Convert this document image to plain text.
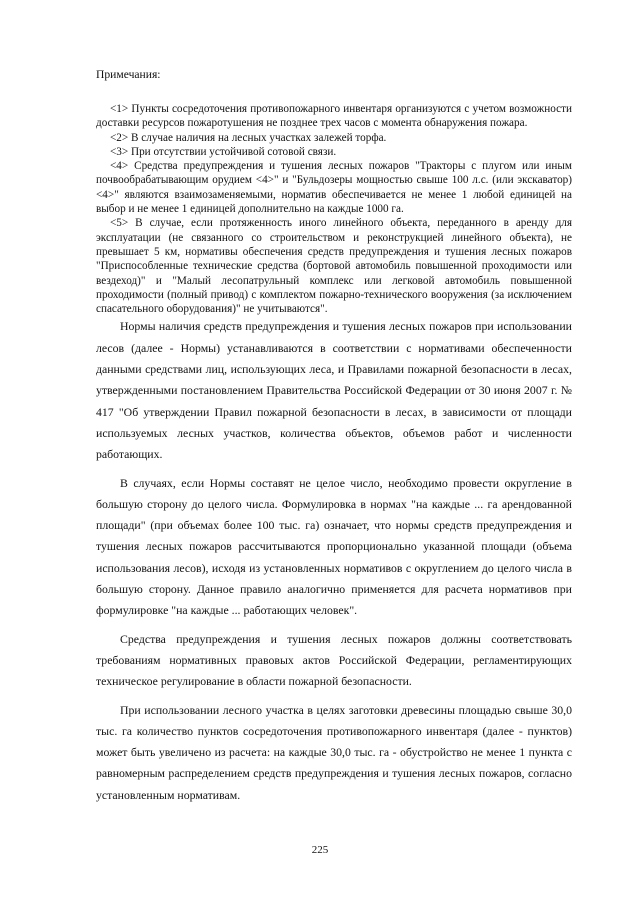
Примечания:

<1> Пункты сосредоточения противопожарного инвентаря организуются с учетом возможности доставки ресурсов пожаротушения не позднее трех часов с момента обнаружения пожара.

<2> В случае наличия на лесных участках залежей торфа.

<3> При отсутствии устойчивой сотовой связи.

<4> Средства предупреждения и тушения лесных пожаров "Тракторы с плугом или иным почвообрабатывающим орудием <4>" и "Бульдозеры мощностью свыше 100 л.с. (или экскаватор) <4>" являются взаимозаменяемыми, норматив обеспечивается не менее 1 любой единицей на выбор и не менее 1 единицей дополнительно на каждые 1000 га.

<5> В случае, если протяженность иного линейного объекта, переданного в аренду для эксплуатации (не связанного со строительством и реконструкцией линейного объекта), не превышает 5 км, нормативы обеспечения средств предупреждения и тушения лесных пожаров "Приспособленные технические средства (бортовой автомобиль повышенной проходимости или вездеход)" и "Малый лесопатрульный комплекс или легковой автомобиль повышенной проходимости (полный привод) с комплектом пожарно-технического вооружения (за исключением спасательного оборудования)" не учитываются".

Нормы наличия средств предупреждения и тушения лесных пожаров при использовании лесов (далее - Нормы) устанавливаются в соответствии с нормативами обеспеченности данными средствами лиц, использующих леса, и Правилами пожарной безопасности в лесах, утвержденными постановлением Правительства Российской Федерации от 30 июня 2007 г. № 417 "Об утверждении Правил пожарной безопасности в лесах, в зависимости от площади используемых лесных участков, количества объектов, объемов работ и численности работающих.

В случаях, если Нормы составят не целое число, необходимо провести округление в большую сторону до целого числа. Формулировка в нормах "на каждые ... га арендованной площади" (при объемах более 100 тыс. га) означает, что нормы средств предупреждения и тушения лесных пожаров рассчитываются пропорционально указанной площади (объема использования лесов), исходя из установленных нормативов с округлением до целого числа в большую сторону. Данное правило аналогично применяется для расчета нормативов при формулировке "на каждые ... работающих человек".

Средства предупреждения и тушения лесных пожаров должны соответствовать требованиям нормативных правовых актов Российской Федерации, регламентирующих техническое регулирование в области пожарной безопасности.

При использовании лесного участка в целях заготовки древесины площадью свыше 30,0 тыс. га количество пунктов сосредоточения противопожарного инвентаря (далее - пунктов) может быть увеличено из расчета: на каждые 30,0 тыс. га - обустройство не менее 1 пункта с равномерным распределением средств предупреждения и тушения лесных пожаров, согласно установленным нормативам.

225
